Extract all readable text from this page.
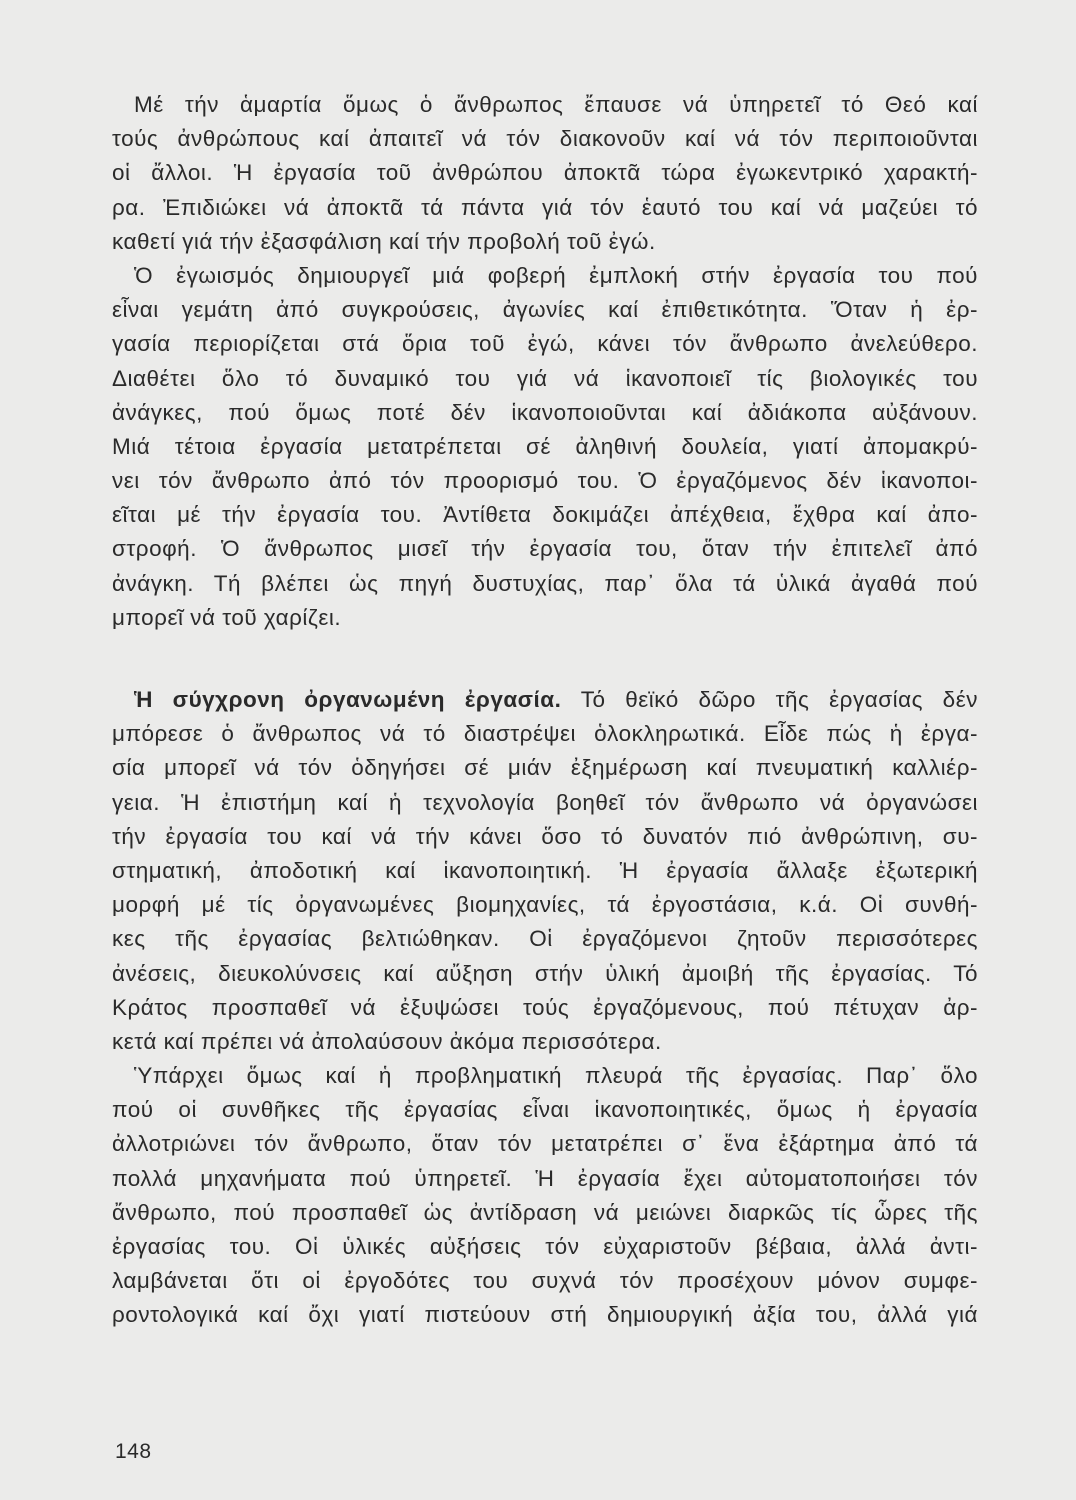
Μέ τήν ἁμαρτία ὅμως ὁ ἄνθρωπος ἔπαυσε νά ὑπηρετεῖ τό Θεό καί
τούς ἀνθρώπους καί ἀπαιτεῖ νά τόν διακονοῦν καί νά τόν περιποιοῦνται
οἱ ἄλλοι. Ἡ ἐργασία τοῦ ἀνθρώπου ἀποκτᾶ τώρα ἐγωκεντρικό χαρακτή-
ρα. Ἐπιδιώκει νά ἀποκτᾶ τά πάντα γιά τόν ἑαυτό του καί νά μαζεύει τό
καθετί γιά τήν ἐξασφάλιση καί τήν προβολή τοῦ ἐγώ.
Ὁ ἐγωισμός δημιουργεῖ μιά φοβερή ἐμπλοκή στήν ἐργασία του πού
εἶναι γεμάτη ἀπό συγκρούσεις, ἀγωνίες καί ἐπιθετικότητα. Ὅταν ἡ ἐρ-
γασία περιορίζεται στά ὅρια τοῦ ἐγώ, κάνει τόν ἄνθρωπο ἀνελεύθερο.
Διαθέτει ὅλο τό δυναμικό του γιά νά ἱκανοποιεῖ τίς βιολογικές του
ἀνάγκες, πού ὅμως ποτέ δέν ἱκανοποιοῦνται καί ἀδιάκοπα αὐξάνουν.
Μιά τέτοια ἐργασία μετατρέπεται σέ ἀληθινή δουλεία, γιατί ἀπομακρύ-
νει τόν ἄνθρωπο ἀπό τόν προορισμό του. Ὁ ἐργαζόμενος δέν ἱκανοποι-
εῖται μέ τήν ἐργασία του. Ἀντίθετα δοκιμάζει ἀπέχθεια, ἔχθρα καί ἀπο-
στροφή. Ὁ ἄνθρωπος μισεῖ τήν ἐργασία του, ὅταν τήν ἐπιτελεῖ ἀπό
ἀνάγκη. Τή βλέπει ὡς πηγή δυστυχίας, παρ᾿ ὅλα τά ὑλικά ἀγαθά πού
μπορεῖ νά τοῦ χαρίζει.
Ἡ σύγχρονη ὀργανωμένη ἐργασία. Τό θεϊκό δῶρο τῆς ἐργασίας δέν
μπόρεσε ὁ ἄνθρωπος νά τό διαστρέψει ὁλοκληρωτικά. Εἶδε πώς ἡ ἐργα-
σία μπορεῖ νά τόν ὁδηγήσει σέ μιάν ἐξημέρωση καί πνευματική καλλιέρ-
γεια. Ἡ ἐπιστήμη καί ἡ τεχνολογία βοηθεῖ τόν ἄνθρωπο νά ὀργανώσει
τήν ἐργασία του καί νά τήν κάνει ὅσο τό δυνατόν πιό ἀνθρώπινη, συ-
στηματική, ἀποδοτική καί ἱκανοποιητική. Ἡ ἐργασία ἄλλαξε ἐξωτερική
μορφή μέ τίς ὀργανωμένες βιομηχανίες, τά ἐργοστάσια, κ.ά. Οἱ συνθή-
κες τῆς ἐργασίας βελτιώθηκαν. Οἱ ἐργαζόμενοι ζητοῦν περισσότερες
ἀνέσεις, διευκολύνσεις καί αὔξηση στήν ὑλική ἀμοιβή τῆς ἐργασίας. Τό
Κράτος προσπαθεῖ νά ἐξυψώσει τούς ἐργαζόμενους, πού πέτυχαν ἀρ-
κετά καί πρέπει νά ἀπολαύσουν ἀκόμα περισσότερα.
Ὑπάρχει ὅμως καί ἡ προβληματική πλευρά τῆς ἐργασίας. Παρ᾿ ὅλο
πού οἱ συνθῆκες τῆς ἐργασίας εἶναι ἱκανοποιητικές, ὅμως ἡ ἐργασία
ἀλλοτριώνει τόν ἄνθρωπο, ὅταν τόν μετατρέπει σ᾿ ἕνα ἐξάρτημα ἀπό τά
πολλά μηχανήματα πού ὑπηρετεῖ. Ἡ ἐργασία ἔχει αὐτοματοποιήσει τόν
ἄνθρωπο, πού προσπαθεῖ ὡς ἀντίδραση νά μειώνει διαρκῶς τίς ὧρες τῆς
ἐργασίας του. Οἱ ὑλικές αὐξήσεις τόν εὐχαριστοῦν βέβαια, ἀλλά ἀντι-
λαμβάνεται ὅτι οἱ ἐργοδότες του συχνά τόν προσέχουν μόνον συμφε-
ροντολογικά καί ὄχι γιατί πιστεύουν στή δημιουργική ἀξία του, ἀλλά γιά
148
